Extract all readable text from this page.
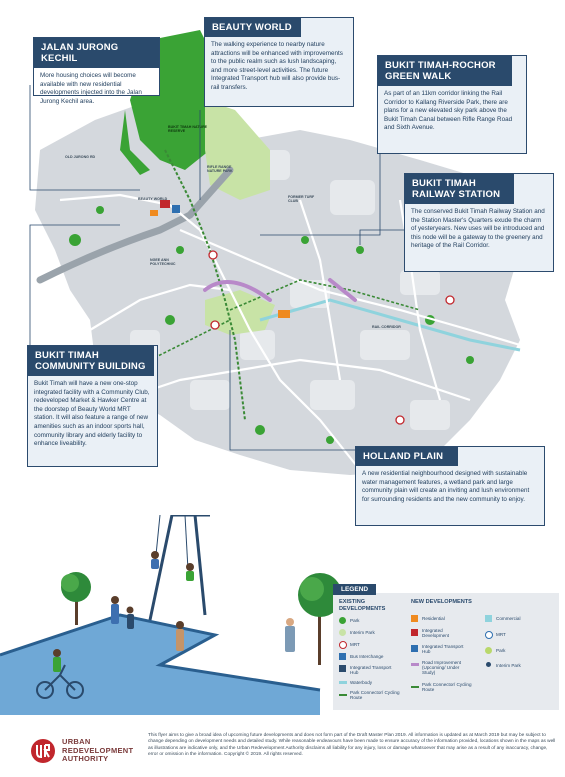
BUKIT TIMAH NATURE RESERVE
RIFLE RANGE NATURE PARK
FORMER TURF CLUB
OLD JURONG RD
BEAUTY WORLD
NGEE ANN POLYTECHNIC
RAIL CORRIDOR
JALAN JURONG KECHIL
More housing choices will become available with new residential developments injected into the Jalan Jurong Kechil area.
BEAUTY WORLD
The walking experience to nearby nature attractions will be enhanced with improvements to the public realm such as lush landscaping, and more street-level activities. The future Integrated Transport hub will also provide bus-rail transfers.
BUKIT TIMAH-ROCHOR GREEN WALK
As part of an 11km corridor linking the Rail Corridor to Kallang Riverside Park, there are plans for a new elevated sky park above the Bukit Timah Canal between Rifle Range Road and Sixth Avenue.
BUKIT TIMAH RAILWAY STATION
The conserved Bukit Timah Railway Station and the Station Master's Quarters exude the charm of yesteryears. New uses will be introduced and this node will be a gateway to the greenery and heritage of the Rail Corridor.
BUKIT TIMAH COMMUNITY BUILDING
Bukit Timah will have a new one-stop integrated facility with a Community Club, redeveloped Market & Hawker Centre at the doorstep of Beauty World MRT station. It will also feature a range of new amenities such as an indoor sports hall, community library and elderly facility to enhance liveability.
HOLLAND PLAIN
A new residential neighbourhood designed with sustainable water management features, a wetland park and large community plain will create an inviting and lush environment for surrounding residents and the new community to enjoy.
LEGEND
EXISTING DEVELOPMENTS
NEW DEVELOPMENTS
Park
Interim Park
MRT
Bus Interchange
Integrated Transport Hub
Waterbody
Park Connector/ Cycling Route
Residential
Integrated Development
Integrated Transport Hub
Road Improvement (Upcoming/ Under Study)
Park Connector/ Cycling Route
Commercial
MRT
Park
Interim Park
URBAN
REDEVELOPMENT
AUTHORITY
This flyer aims to give a broad idea of upcoming future developments and does not form part of the Draft Master Plan 2019. All information is updated as at March 2019 but may be subject to change depending on development needs and detailed study. While reasonable endeavours have been made to ensure accuracy of the information provided, locations shown in the maps as well as illustrations are indicative only, and the Urban Redevelopment Authority disclaims all liability for any injury, loss or damage whatsoever that may arise as a result of any inaccuracy, change, error or omission in the information. Copyright © 2019. All rights reserved.
